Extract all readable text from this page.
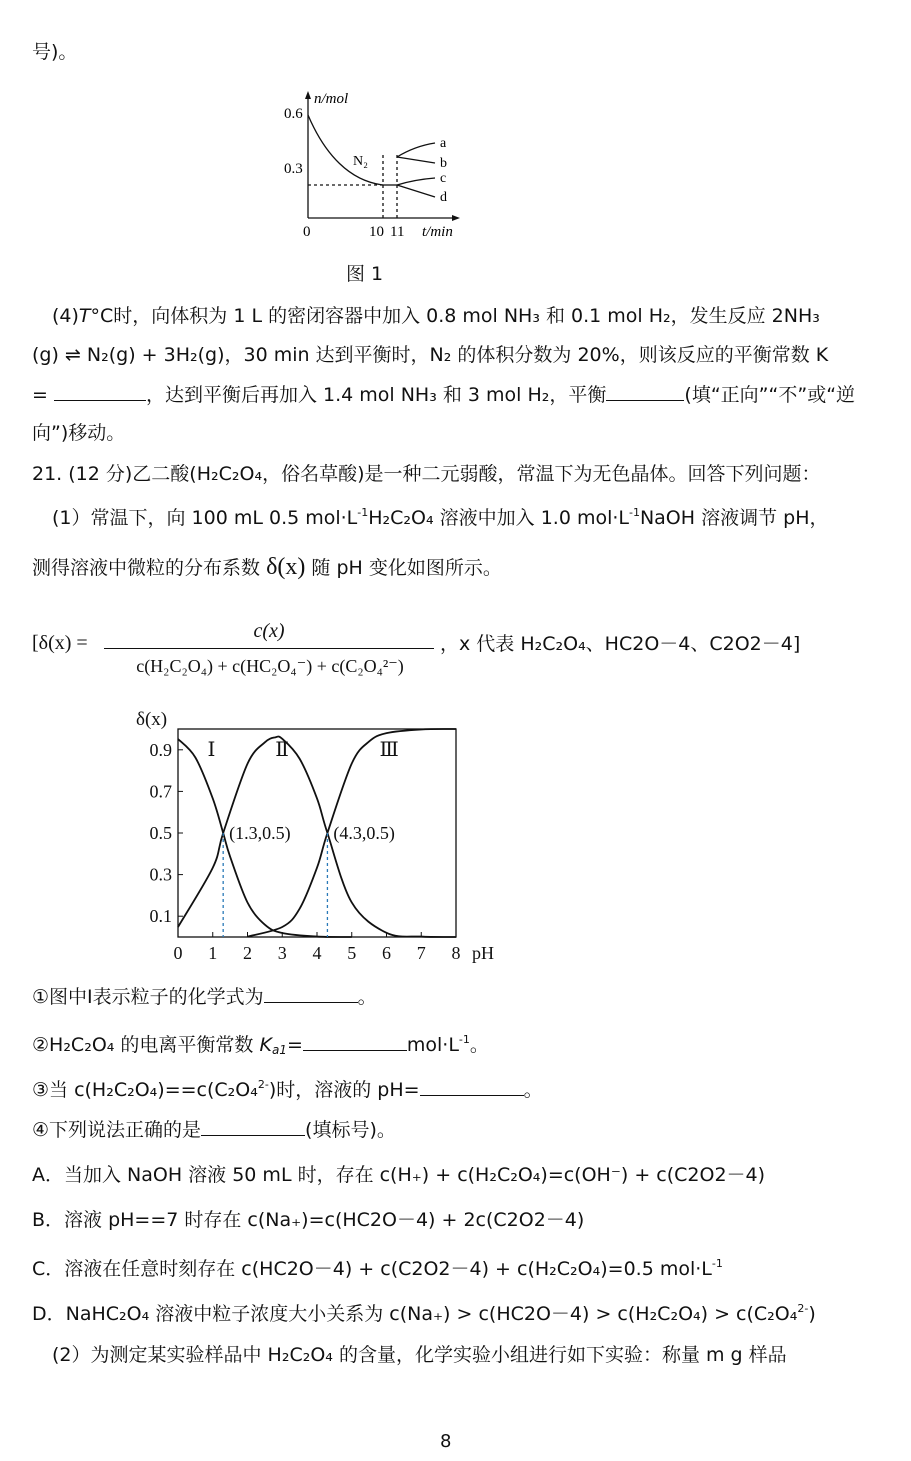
号)。
n/mol
0.6
0.3
0	10 11 t/min
N₂
a
b
c
d
图 1
(4)T°C时，向体积为 1 L 的密闭容器中加入 0.8 mol NH₃ 和 0.1 mol H₂，发生反应 2NH₃
(g) ⇌ N₂(g) + 3H₂(g)，30 min 达到平衡时，N₂ 的体积分数为 20%，则该反应的平衡常数 K
=	，达到平衡后再加入 1.4 mol NH₃ 和 3 mol H₂，平衡	(填“正向”“不”或“逆
向”)移动。
21. (12 分)乙二酸(H₂C₂O₄，俗名草酸)是一种二元弱酸，常温下为无色晶体。回答下列问题：
(1）常温下，向 100 mL 0.5 $mol\cdot L^{-1}H_2C_2O_4$ 溶液中加入 1.0 $mol\cdot L^{-1}NaOH$ 溶液调节 pH，
测得溶液中微粒的分布系数 δ(x) 随 pH 变化如图所示。
[δ(x) =
c(x)
c(H₂C₂O₄) + c(HC₂O₄⁻) + c(C₂O₄²⁻)
，x 代表 H₂C₂O₄、HC2O－4、C2O2－4]
0 1 2 3 4 5 6 7 8 pH
0.9
0.7
0.5
0.3
0.1
δ(x)
Ⅰ	Ⅱ	Ⅲ
(1.3,0.5) (4.3,0.5)
①图中Ⅰ表示粒子的化学式为	。
②H₂C₂O₄ 的电离平衡常数 $K_{a1}=$	$mol\cdot L^{-1}$。
③当 c(H₂C₂O₄)==c(C₂O₄$^{2-}$)时，溶液的 pH=	。
④下列说法正确的是	(填标号)。
A．当加入 NaOH 溶液 50 mL 时，存在 c(H₊) + c(H₂C₂O₄)=c(OH⁻) + c(C2O2－4)
B．溶液 pH==7 时存在 c(Na₊)=c(HC2O－4) + 2c(C2O2－4)
C．溶液在任意时刻存在 c(HC2O－4) + c(C2O2－4) + c(H₂C₂O₄)=0.5 $mol\cdot L^{-1}$
D．NaHC₂O₄ 溶液中粒子浓度大小关系为 c(Na₊) > c(HC2O－4) > c(H₂C₂O₄) > c(C₂O₄$^{2-}$)
(2）为测定某实验样品中 H₂C₂O₄ 的含量，化学实验小组进行如下实验：称量 m g 样品
8
